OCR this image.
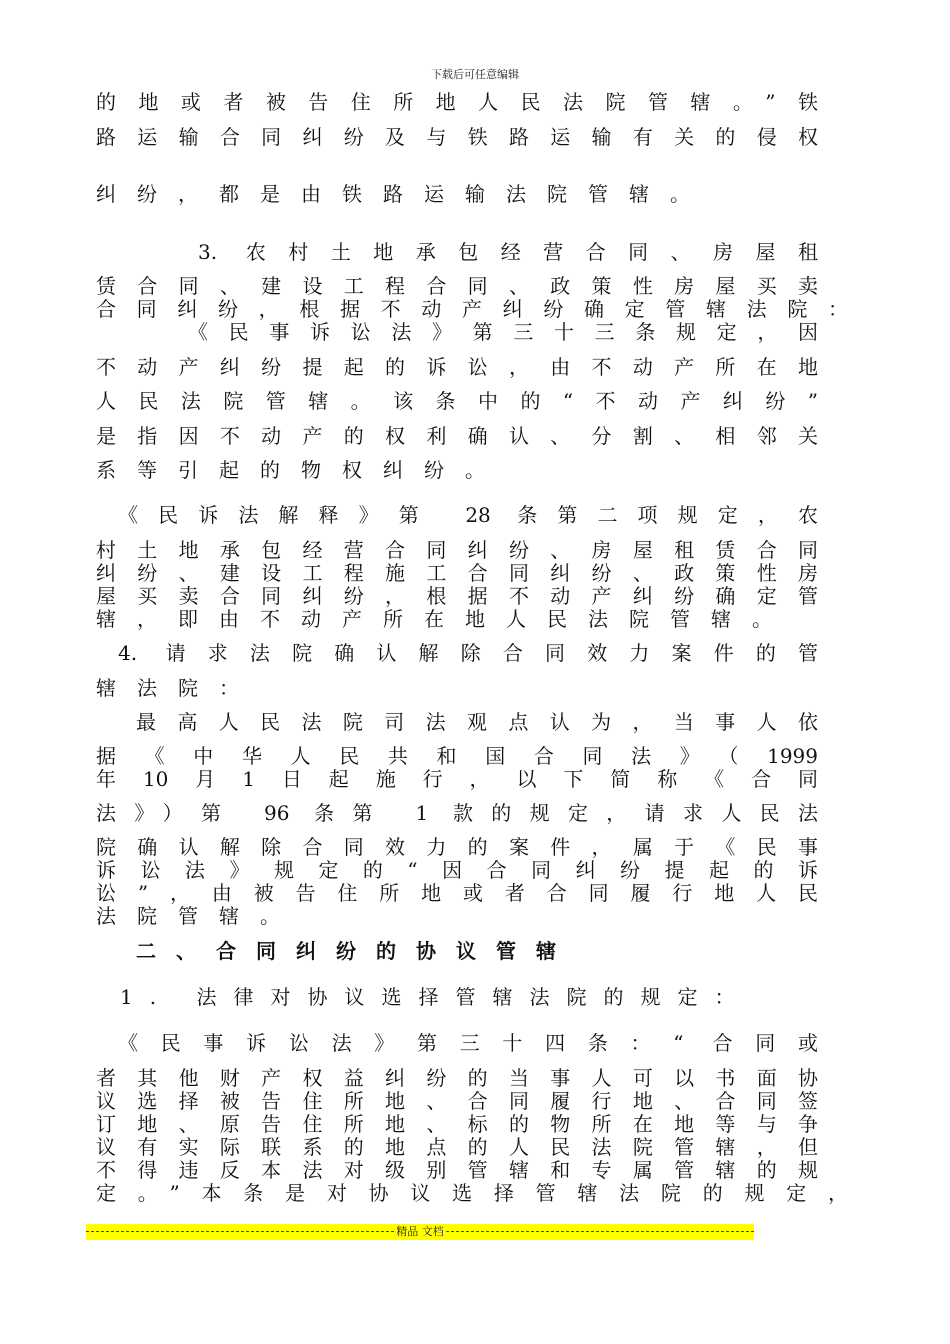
下载后可任意编辑
的地或者被告住所地人民法院管辖。”铁
路运输合同纠纷及与铁路运输有关的侵权
纠纷，都是由铁路运输法院管辖。
3. 农村土地承包经营合同、房屋租
赁合同、建设工程合同、政策性房屋买卖
合同纠纷，根据不动产纠纷确定管辖法院：
《民事诉讼法》第三十三条规定，因
不动产纠纷提起的诉讼，由不动产所在地
人民法院管辖。该条中的“不动产纠纷”
是指因不动产的权利确认、分割、相邻关
系等引起的物权纠纷。
《民诉法解释》第 28 条第二项规定，农
村土地承包经营合同纠纷、房屋租赁合同
纠纷、建设工程施工合同纠纷、政策性房
屋买卖合同纠纷，根据不动产纠纷确定管
辖，即由不动产所在地人民法院管辖。
4. 请求法院确认解除合同效力案件的管
辖法院：
最高人民法院司法观点认为，当事人依
据《中华人民共和国合同法》（1999
年10月1日起施行，以下简称《合同
法》）第 96 条第 1 款的规定，请求人民法
院确认解除合同效力的案件，属于《民事
诉讼法》规定的“因合同纠纷提起的诉
讼”，由被告住所地或者合同履行地人民
法院管辖。
二、合同纠纷的协议管辖
1. 法律对协议选择管辖法院的规定：
《民事诉讼法》第三十四条：“ 合同或
者其他财产权益纠纷的当事人可以书面协
议选择被告住所地、合同履行地、合同签
订地、原告住所地、标的物所在地等与争
议有实际联系的地点的人民法院管辖，但
不得违反本法对级别管辖和专属管辖的规
定。”本条是对协议选择管辖法院的规定，
精品 文档
